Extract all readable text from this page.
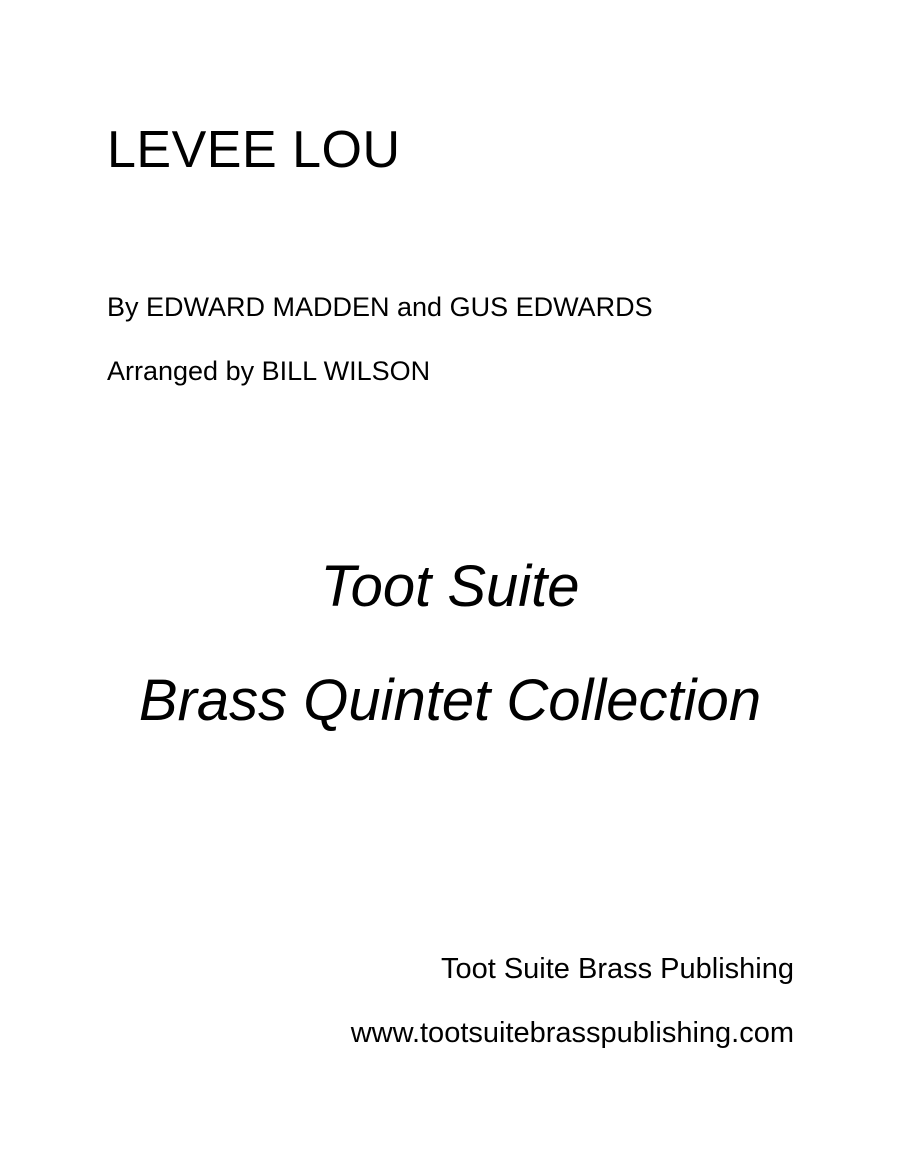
LEVEE LOU

By EDWARD MADDEN and GUS EDWARDS

Arranged by BILL WILSON

Toot Suite

Brass Quintet Collection

Toot Suite Brass Publishing

www.tootsuitebrasspublishing.com
